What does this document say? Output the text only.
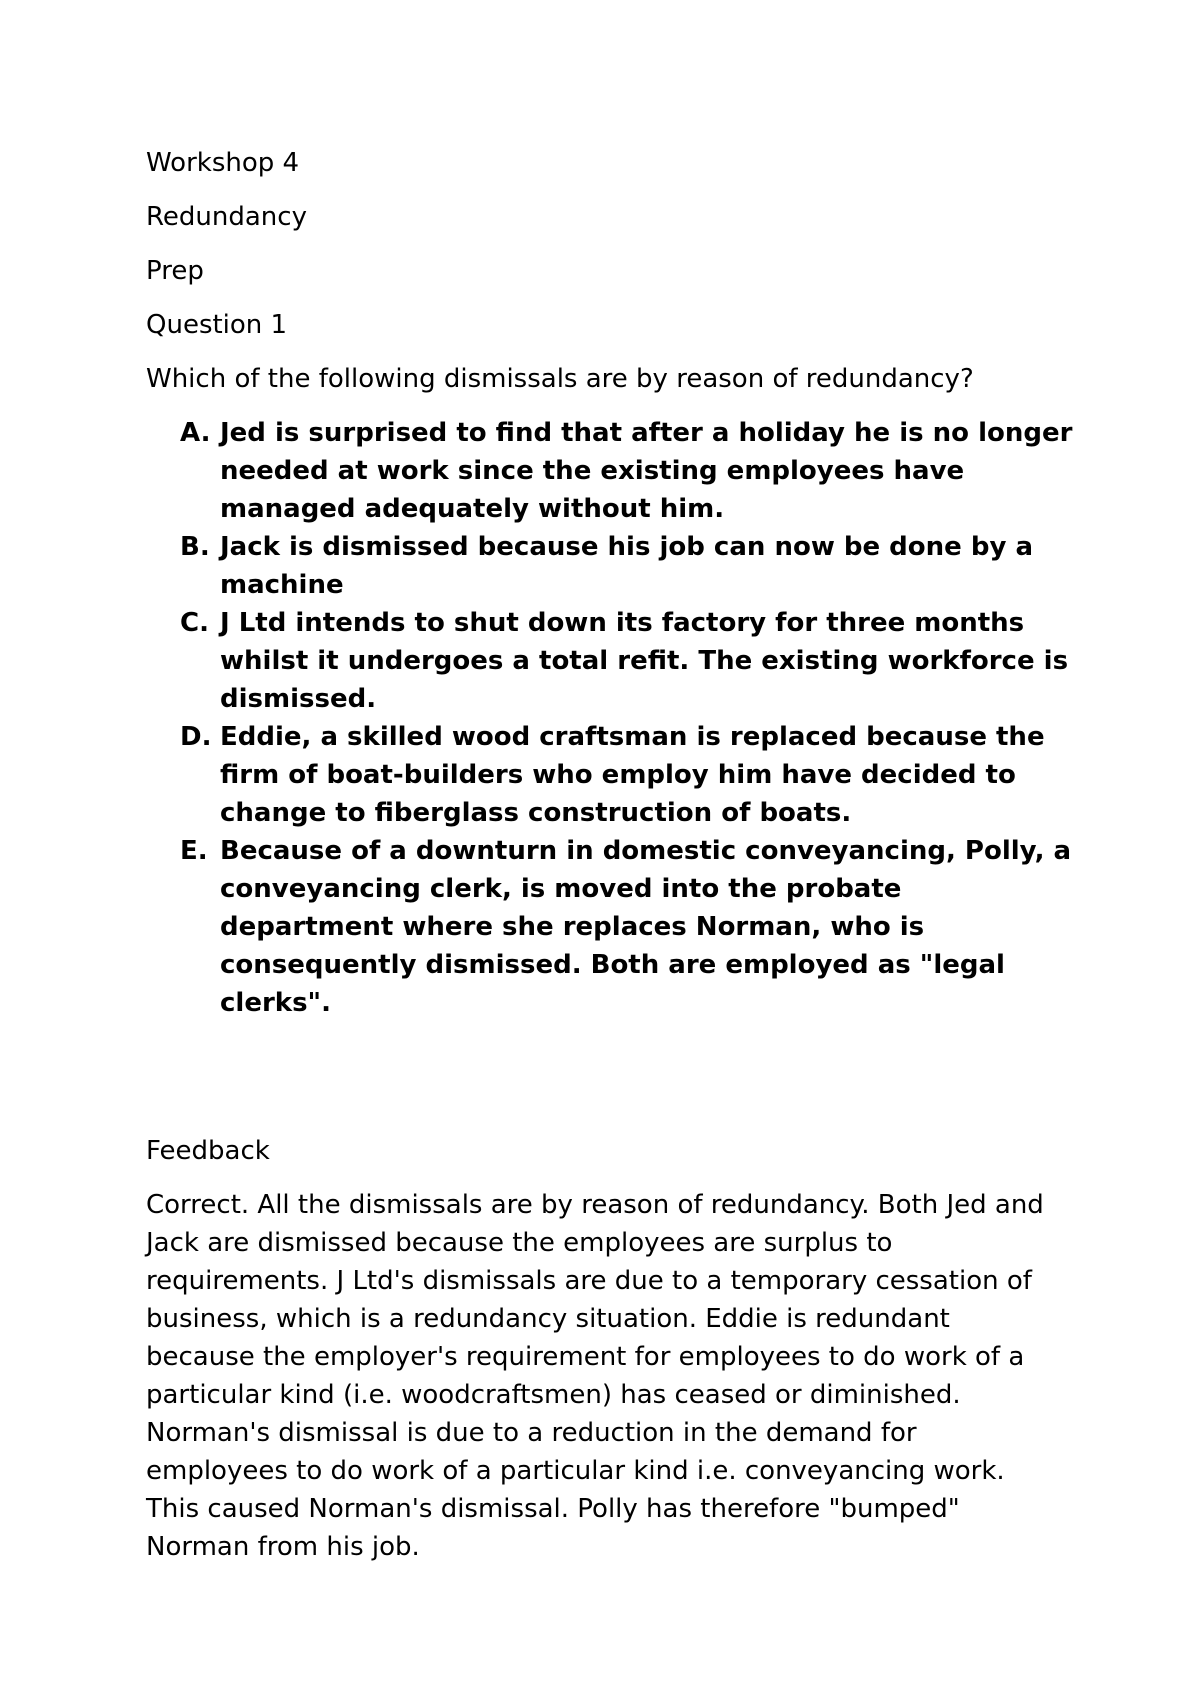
Workshop 4

Redundancy

Prep

Question 1

Which of the following dismissals are by reason of redundancy?

A. Jed is surprised to find that after a holiday he is no longer needed at work since the existing employees have managed adequately without him.
B. Jack is dismissed because his job can now be done by a machine
C. J Ltd intends to shut down its factory for three months whilst it undergoes a total refit. The existing workforce is dismissed.
D. Eddie, a skilled wood craftsman is replaced because the firm of boat-builders who employ him have decided to change to fiberglass construction of boats.
E. Because of a downturn in domestic conveyancing, Polly, a conveyancing clerk, is moved into the probate department where she replaces Norman, who is consequently dismissed. Both are employed as "legal clerks".

Feedback

Correct. All the dismissals are by reason of redundancy. Both Jed and Jack are dismissed because the employees are surplus to requirements. J Ltd's dismissals are due to a temporary cessation of business, which is a redundancy situation. Eddie is redundant because the employer's requirement for employees to do work of a particular kind (i.e. woodcraftsmen) has ceased or diminished. Norman's dismissal is due to a reduction in the demand for employees to do work of a particular kind i.e. conveyancing work. This caused Norman's dismissal. Polly has therefore "bumped" Norman from his job.
